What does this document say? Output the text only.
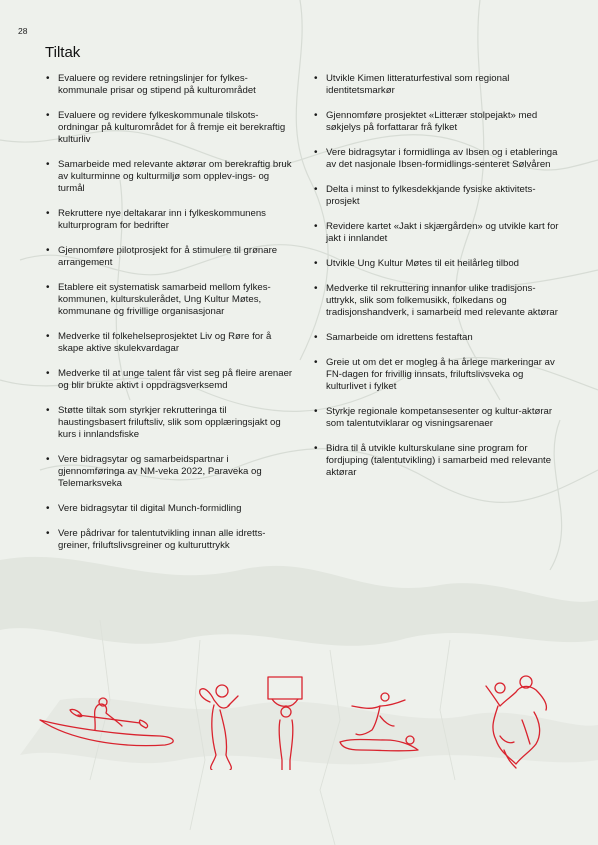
28
Tiltak
• Evaluere og revidere retningslinjer for fylkes-kommunale prisar og stipend på kulturområdet
• Evaluere og revidere fylkeskommunale tilskots-ordningar på kulturområdet for å fremje eit berekraftig kulturliv
• Samarbeide med relevante aktørar om berekraftig bruk av kulturminne og kulturmiljø som opplev-ings- og turmål
• Rekruttere nye deltakarar inn i fylkeskommunens kulturprogram for bedrifter
• Gjennomføre pilotprosjekt for å stimulere til grønare arrangement
• Etablere eit systematisk samarbeid mellom fylkes-kommunen, kulturskulerådet, Ung Kultur Møtes, kommunane og frivillige organisasjonar
• Medverke til folkehelseprosjektet Liv og Røre for å skape aktive skulekvardagar
• Medverke til at unge talent får vist seg på fleire arenaer og blir brukte aktivt i oppdragsverksemd
• Støtte tiltak som styrkjer rekrutteringa til haustingsbasert friluftsliv, slik som opplæringsjakt og kurs i innlandsfiske
• Vere bidragsytar og samarbeidspartnar i gjennomføringa av NM-veka 2022, Paraveka og Telemarksveka
• Vere bidragsytar til digital Munch-formidling
• Vere pådrivar for talentutvikling innan alle idretts-greiner, friluftslivsgreiner og kulturuttrykk
• Utvikle Kimen litteraturfestival som regional identitetsmarkør
• Gjennomføre prosjektet «Litterær stolpejakt» med søkjelys på forfattarar frå fylket
• Vere bidragsytar i formidlinga av Ibsen og i etableringa av det nasjonale Ibsen-formidlings-senteret Sølvåren
• Delta i minst to fylkesdekkjande fysiske aktivitets-prosjekt
• Revidere kartet «Jakt i skjærgården» og utvikle kart for jakt i innlandet
• Utvikle Ung Kultur Møtes til eit heilårleg tilbod
• Medverke til rekruttering innanfor ulike tradisjons-uttrykk, slik som folkemusikk, folkedans og tradisjonshandverk, i samarbeid med relevante aktørar
• Samarbeide om idrettens festaftan
• Greie ut om det er mogleg å ha årlege markeringar av FN-dagen for frivillig innsats, friluftslivsveka og kulturlivet i fylket
• Styrkje regionale kompetansesenter og kultur-aktørar som talentutviklarar og visningsarenaer
• Bidra til å utvikle kulturskulane sine program for fordjuping (talentutvikling) i samarbeid med relevante aktørar
